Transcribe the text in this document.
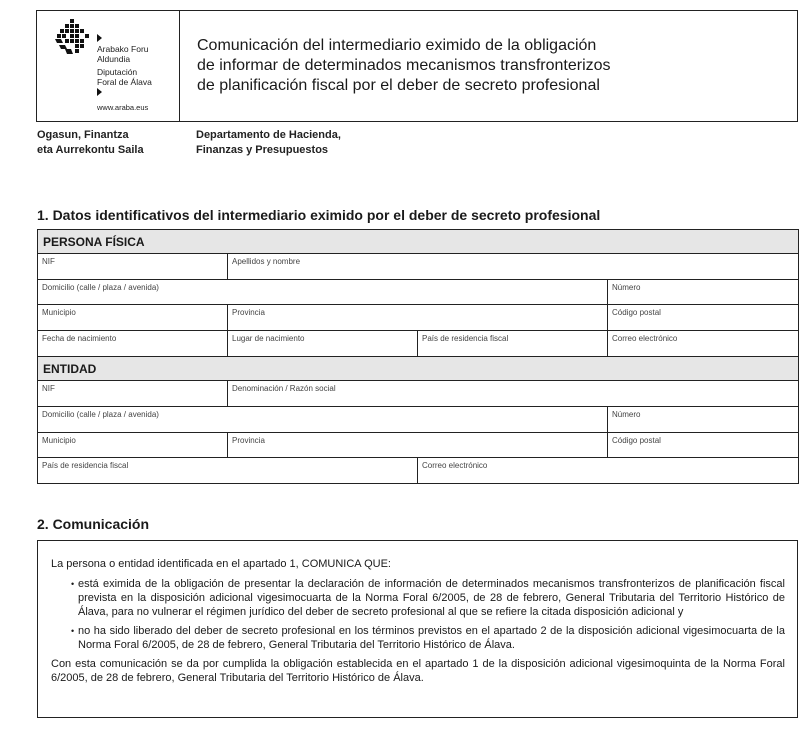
Arabako Foru
Aldundia
Diputación
Foral de Álava
www.araba.eus
Comunicación del intermediario eximido de la obligación
de informar de determinados mecanismos transfronterizos
de planificación fiscal por el deber de secreto profesional
Ogasun, Finantza
eta Aurrekontu Saila
Departamento de Hacienda,
Finanzas y Presupuestos
1. Datos identificativos del intermediario eximido por el deber de secreto profesional
PERSONA FÍSICA			
NIF	Apellidos y nombre		
Domicilio (calle / plaza / avenida)			Número
Municipio	Provincia		Código postal
Fecha de nacimiento	Lugar de nacimiento	País de residencia fiscal	Correo electrónico
ENTIDAD			
NIF	Denominación / Razón social		
Domicilio (calle / plaza / avenida)			Número
Municipio	Provincia		Código postal
País de residencia fiscal		Correo electrónico	
2. Comunicación

La persona o entidad identificada en el apartado 1, COMUNICA QUE:

• está eximida de la obligación de presentar la declaración de información de determinados mecanismos transfronterizos de planificación fiscal prevista en la disposición adicional vigesimocuarta de la Norma Foral 6/2005, de 28 de febrero, General Tributaria del Territorio Histórico de Álava, para no vulnerar el régimen jurídico del deber de secreto profesional al que se refiere la citada disposición adicional y
• no ha sido liberado del deber de secreto profesional en los términos previstos en el apartado 2 de la disposición adicional vigesimocuarta de la Norma Foral 6/2005, de 28 de febrero, General Tributaria del Territorio Histórico de Álava.

Con esta comunicación se da por cumplida la obligación establecida en el apartado 1 de la disposición adicional vigesimoquinta de la Norma Foral 6/2005, de 28 de febrero, General Tributaria del Territorio Histórico de Álava.
